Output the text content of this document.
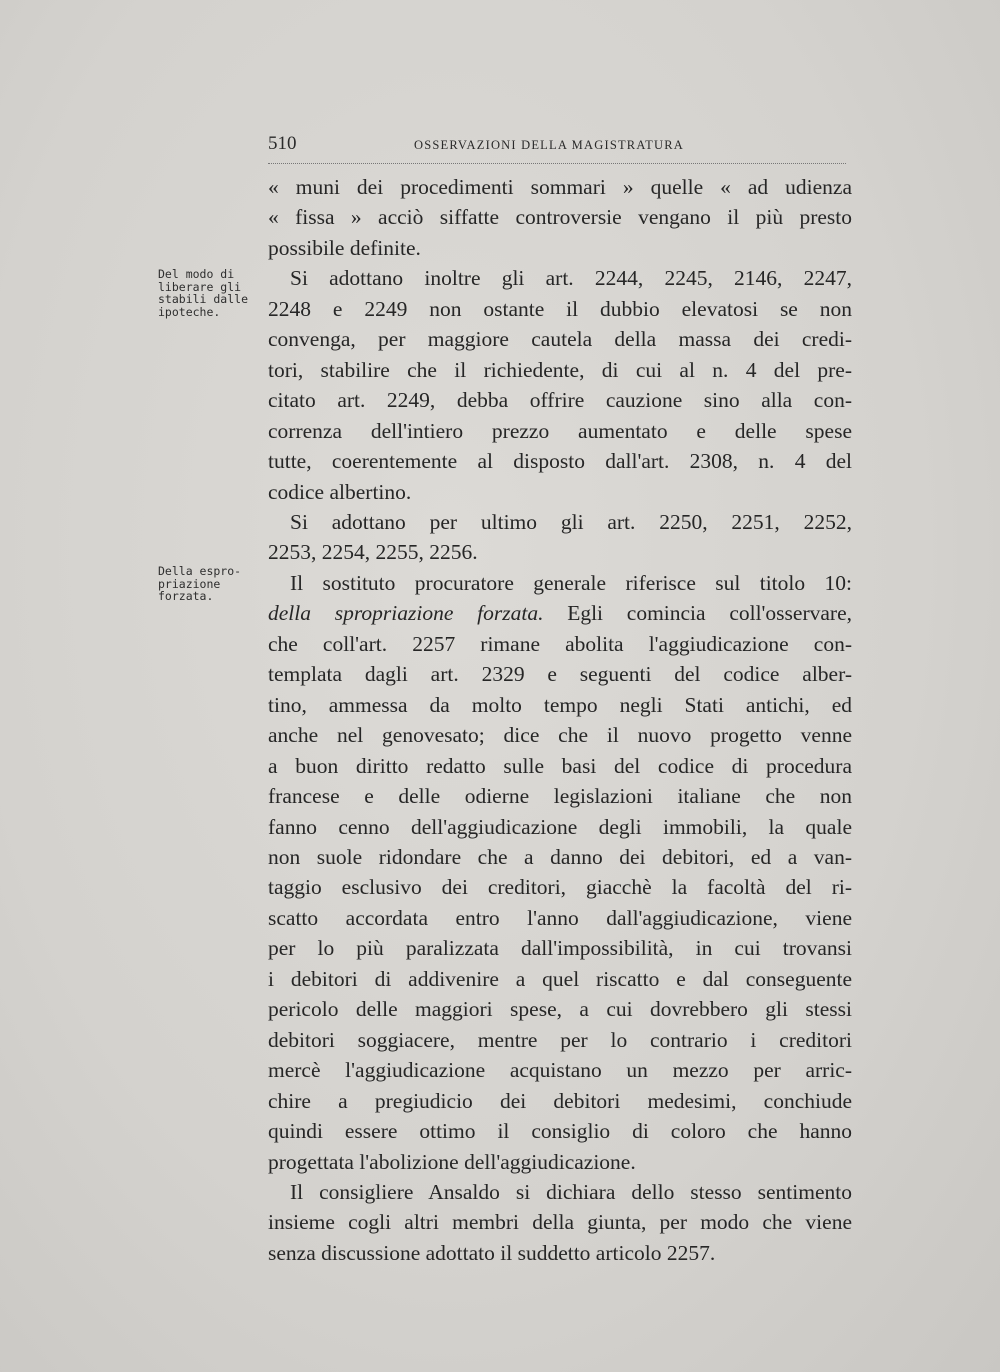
510	OSSERVAZIONI DELLA MAGISTRATURA
Del modo di
liberare gli
stabili dalle
ipoteche.
Della espro-
priazione
forzata.
« muni dei procedimenti sommari » quelle « ad udienza
« fissa » acciò siffatte controversie vengano il più presto
possibile definite.
Si adottano inoltre gli art. 2244, 2245, 2146, 2247,
2248 e 2249 non ostante il dubbio elevatosi se non
convenga, per maggiore cautela della massa dei credi-
tori, stabilire che il richiedente, di cui al n. 4 del pre-
citato art. 2249, debba offrire cauzione sino alla con-
correnza dell'intiero prezzo aumentato e delle spese
tutte, coerentemente al disposto dall'art. 2308, n. 4 del
codice albertino.
Si adottano per ultimo gli art. 2250, 2251, 2252,
2253, 2254, 2255, 2256.
Il sostituto procuratore generale riferisce sul titolo 10:
della spropriazione forzata. Egli comincia coll'osservare,
che coll'art. 2257 rimane abolita l'aggiudicazione con-
templata dagli art. 2329 e seguenti del codice alber-
tino, ammessa da molto tempo negli Stati antichi, ed
anche nel genovesato; dice che il nuovo progetto venne
a buon diritto redatto sulle basi del codice di procedura
francese e delle odierne legislazioni italiane che non
fanno cenno dell'aggiudicazione degli immobili, la quale
non suole ridondare che a danno dei debitori, ed a van-
taggio esclusivo dei creditori, giacchè la facoltà del ri-
scatto accordata entro l'anno dall'aggiudicazione, viene
per lo più paralizzata dall'impossibilità, in cui trovansi
i debitori di addivenire a quel riscatto e dal conseguente
pericolo delle maggiori spese, a cui dovrebbero gli stessi
debitori soggiacere, mentre per lo contrario i creditori
mercè l'aggiudicazione acquistano un mezzo per arric-
chire a pregiudicio dei debitori medesimi, conchiude
quindi essere ottimo il consiglio di coloro che hanno
progettata l'abolizione dell'aggiudicazione.
Il consigliere Ansaldo si dichiara dello stesso sentimento
insieme cogli altri membri della giunta, per modo che viene
senza discussione adottato il suddetto articolo 2257.
